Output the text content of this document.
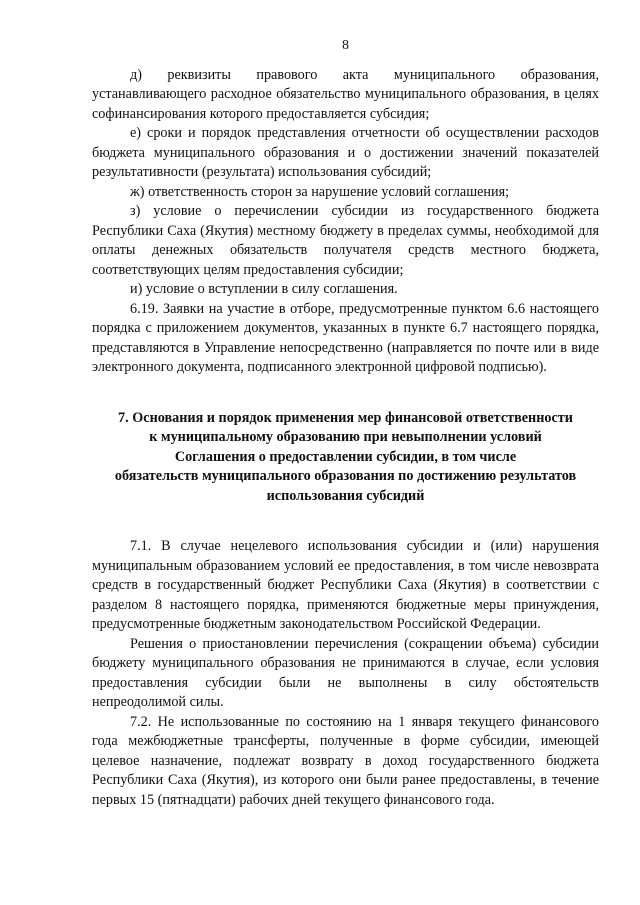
8

д) реквизиты правового акта муниципального образования, устанавливающего расходное обязательство муниципального образования, в целях софинансирования которого предоставляется субсидия;

е) сроки и порядок представления отчетности об осуществлении расходов бюджета муниципального образования и о достижении значений показателей результативности (результата) использования субсидий;

ж) ответственность сторон за нарушение условий соглашения;

з) условие о перечислении субсидии из государственного бюджета Республики Саха (Якутия) местному бюджету в пределах суммы, необходимой для оплаты денежных обязательств получателя средств местного бюджета, соответствующих целям предоставления субсидии;

и) условие о вступлении в силу соглашения.

6.19. Заявки на участие в отборе, предусмотренные пунктом 6.6 настоящего порядка с приложением документов, указанных в пункте 6.7 настоящего порядка, представляются в Управление непосредственно (направляется по почте или в виде электронного документа, подписанного электронной цифровой подписью).

7. Основания и порядок применения мер финансовой ответственности
к муниципальному образованию при невыполнении условий
Соглашения о предоставлении субсидии, в том числе
обязательств муниципального образования по достижению результатов
использования субсидий

7.1. В случае нецелевого использования субсидии и (или) нарушения муниципальным образованием условий ее предоставления, в том числе невозврата средств в государственный бюджет Республики Саха (Якутия) в соответствии с разделом 8 настоящего порядка, применяются бюджетные меры принуждения, предусмотренные бюджетным законодательством Российской Федерации.

Решения о приостановлении перечисления (сокращении объема) субсидии бюджету муниципального образования не принимаются в случае, если условия предоставления субсидии были не выполнены в силу обстоятельств непреодолимой силы.

7.2. Не использованные по состоянию на 1 января текущего финансового года межбюджетные трансферты, полученные в форме субсидии, имеющей целевое назначение, подлежат возврату в доход государственного бюджета Республики Саха (Якутия), из которого они были ранее предоставлены, в течение первых 15 (пятнадцати) рабочих дней текущего финансового года.
